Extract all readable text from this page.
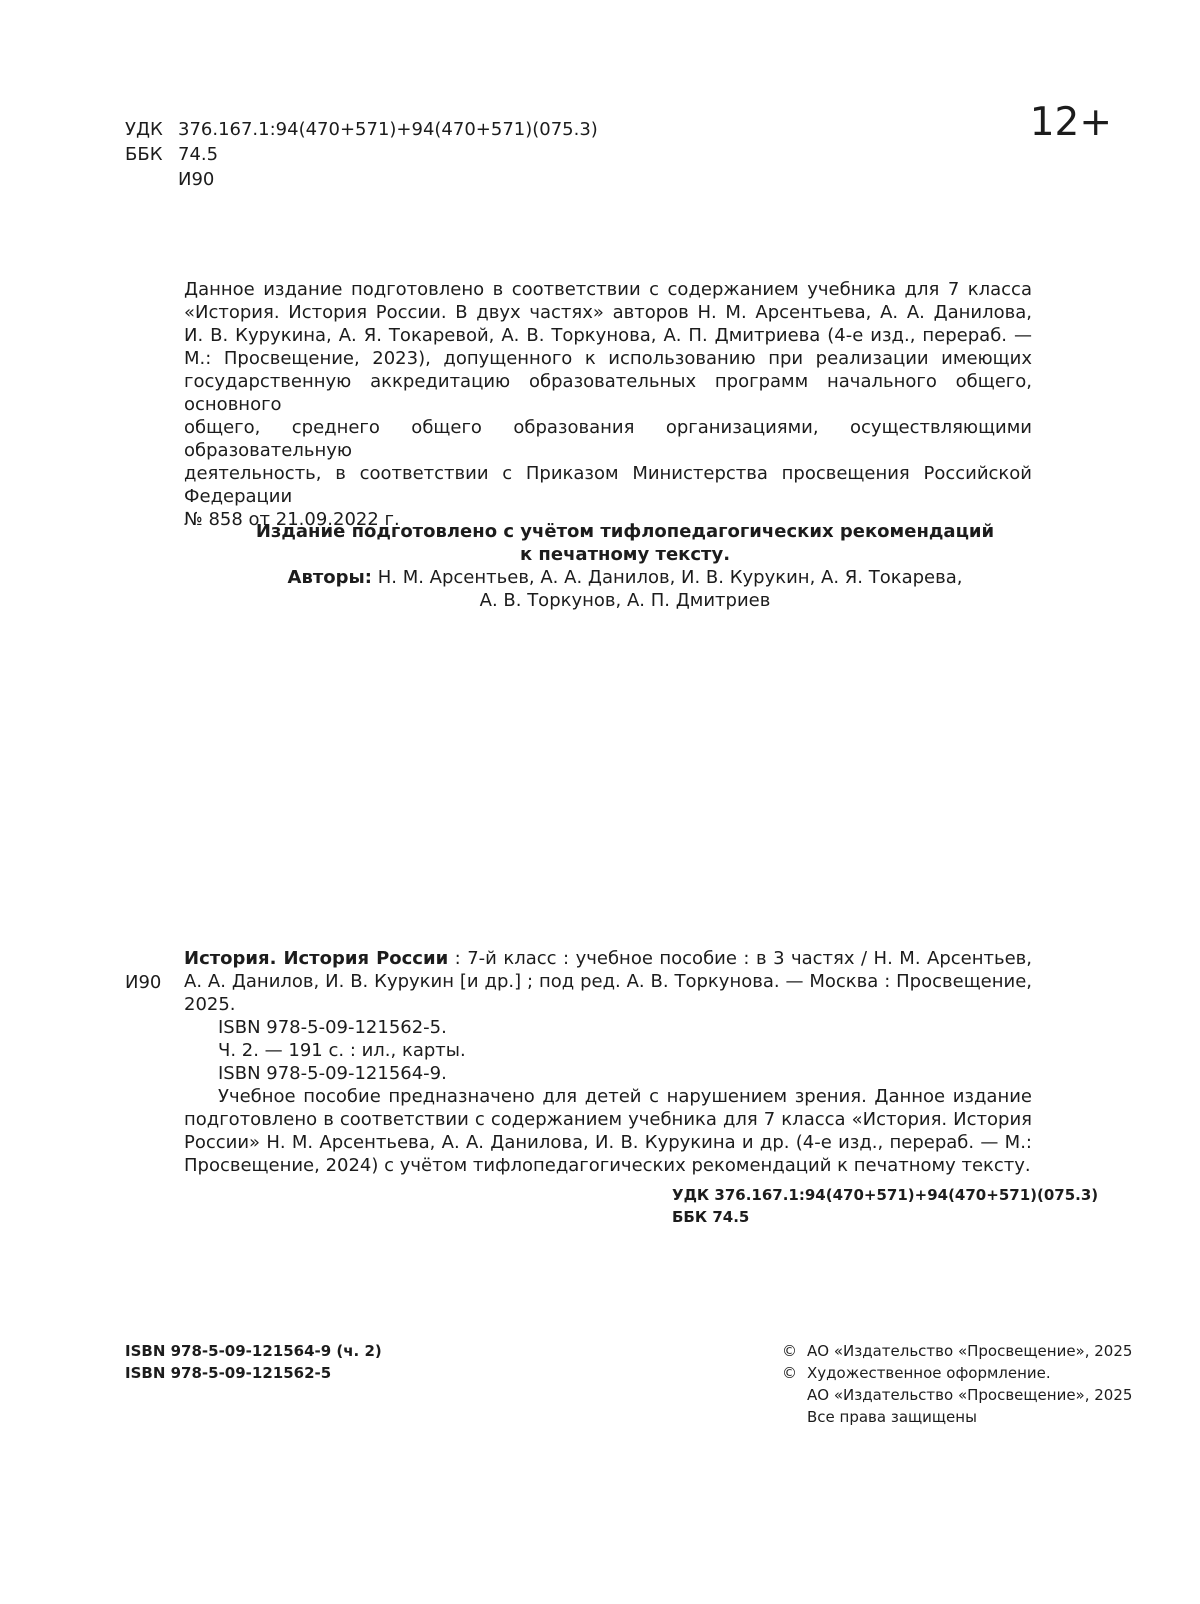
УДК 376.167.1:94(470+571)+94(470+571)(075.3)
ББК 74.5
И90
12+
Данное издание подготовлено в соответствии с содержанием учебника для 7 класса
«История. История России. В двух частях» авторов Н. М. Арсентьева, А. А. Данилова,
И. В. Курукина, А. Я. Токаревой, А. В. Торкунова, А. П. Дмитриева (4-е изд., перераб. —
М.: Просвещение, 2023), допущенного к использованию при реализации имеющих
государственную аккредитацию образовательных программ начального общего, основного
общего, среднего общего образования организациями, осуществляющими образовательную
деятельность, в соответствии с Приказом Министерства просвещения Российской Федерации
№ 858 от 21.09.2022 г.
Издание подготовлено с учётом тифлопедагогических рекомендаций
к печатному тексту.
Авторы: Н. М. Арсентьев, А. А. Данилов, И. В. Курукин, А. Я. Токарева,
А. В. Торкунов, А. П. Дмитриев
И90
История. История России : 7-й класс : учебное пособие : в 3 частях / Н. М. Арсентьев,
А. А. Данилов, И. В. Курукин [и др.] ; под ред. А. В. Торкунова. — Москва : Просвещение,
2025.
ISBN 978-5-09-121562-5.
Ч. 2. — 191 с. : ил., карты.
ISBN 978-5-09-121564-9.
Учебное пособие предназначено для детей с нарушением зрения. Данное издание
подготовлено в соответствии с содержанием учебника для 7 класса «История. История
России» Н. М. Арсентьева, А. А. Данилова, И. В. Курукина и др. (4-е изд., перераб. — М.:
Просвещение, 2024) с учётом тифлопедагогических рекомендаций к печатному тексту.
УДК 376.167.1:94(470+571)+94(470+571)(075.3)
ББК 74.5
ISBN 978-5-09-121564-9 (ч. 2)
ISBN 978-5-09-121562-5
© АО «Издательство «Просвещение», 2025
© Художественное оформление.
АО «Издательство «Просвещение», 2025
Все права защищены
